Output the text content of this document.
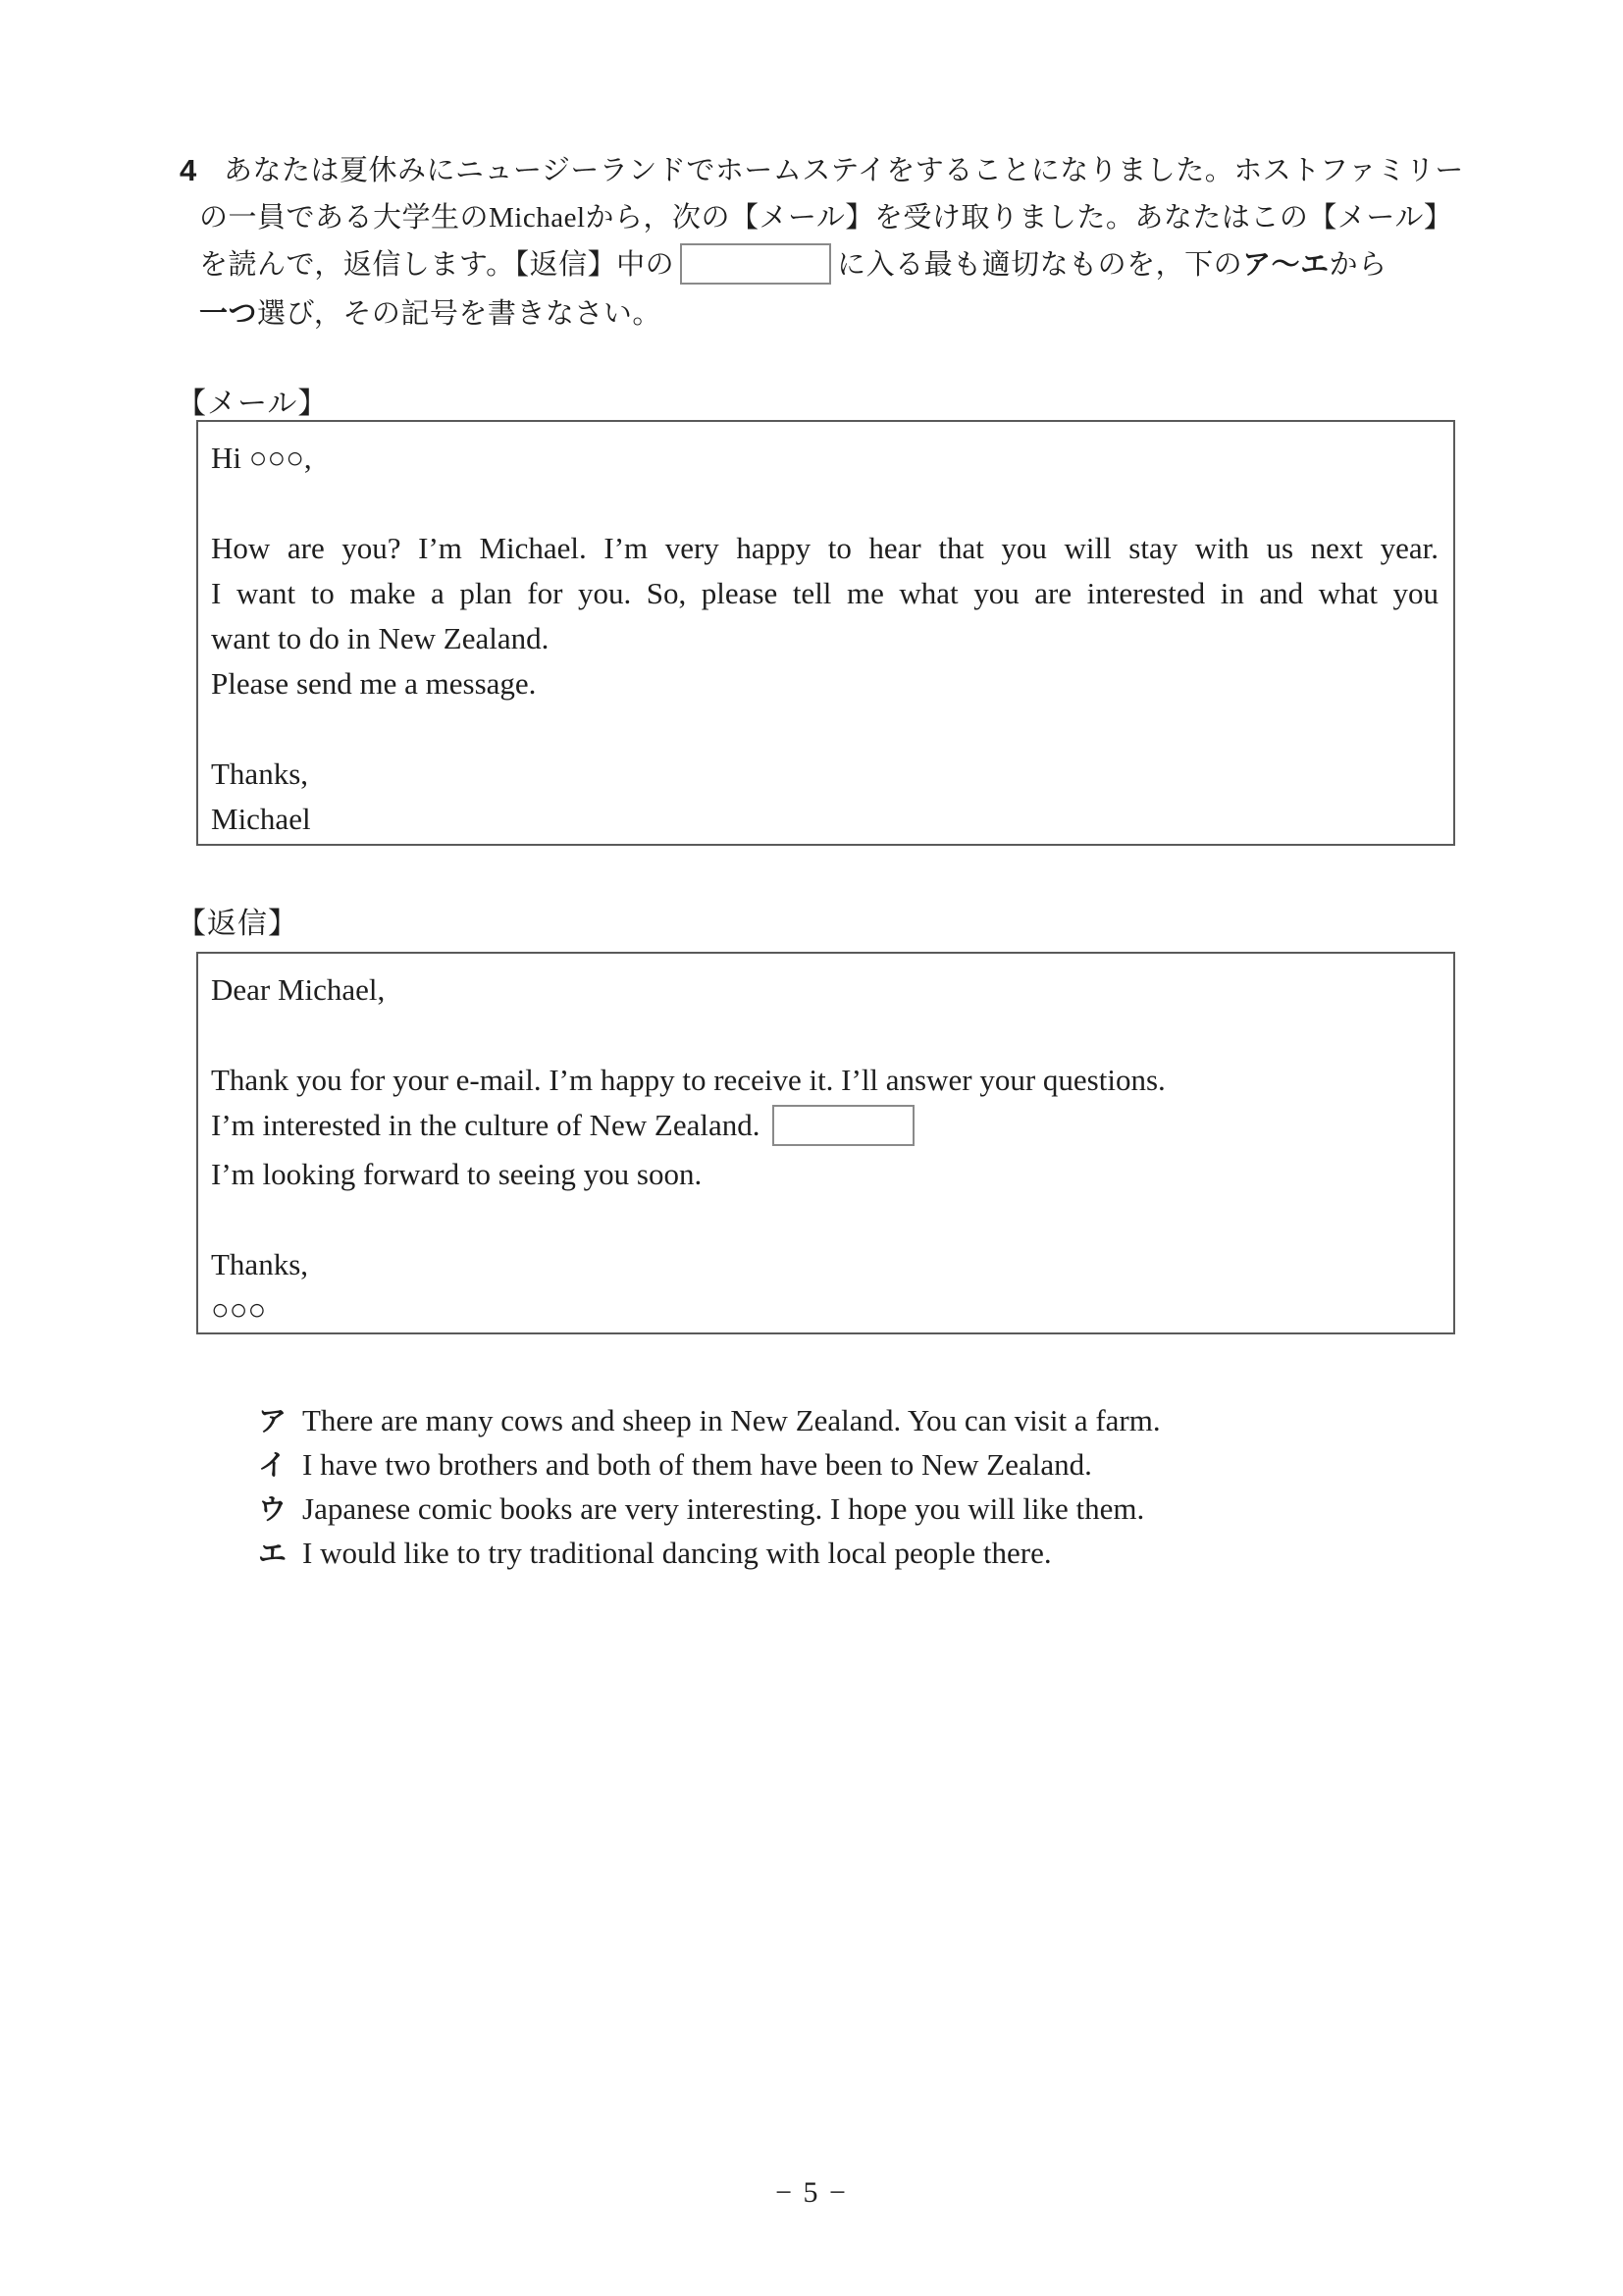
4 あなたは夏休みにニュージーランドでホームステイをすることになりました。ホストファミリー
の一員である大学生のMichaelから，次の【メール】を受け取りました。あなたはこの【メール】
を読んで，返信します。【返信】中の	に入る最も適切なものを，下のア～エから
一つ選び，その記号を書きなさい。
【メール】
Hi ○○○,
How are you? I’m Michael. I’m very happy to hear that you will stay with us next year.
I want to make a plan for you. So, please tell me what you are interested in and what you
want to do in New Zealand.
Please send me a message.
Thanks,
Michael
【返信】
Dear Michael,
Thank you for your e-mail. I’m happy to receive it. I’ll answer your questions.
I’m interested in the culture of New Zealand.
I’m looking forward to seeing you soon.
Thanks,
○○○
ア There are many cows and sheep in New Zealand. You can visit a farm.
イ I have two brothers and both of them have been to New Zealand.
ウ Japanese comic books are very interesting. I hope you will like them.
エ I would like to try traditional dancing with local people there.
− 5 −
